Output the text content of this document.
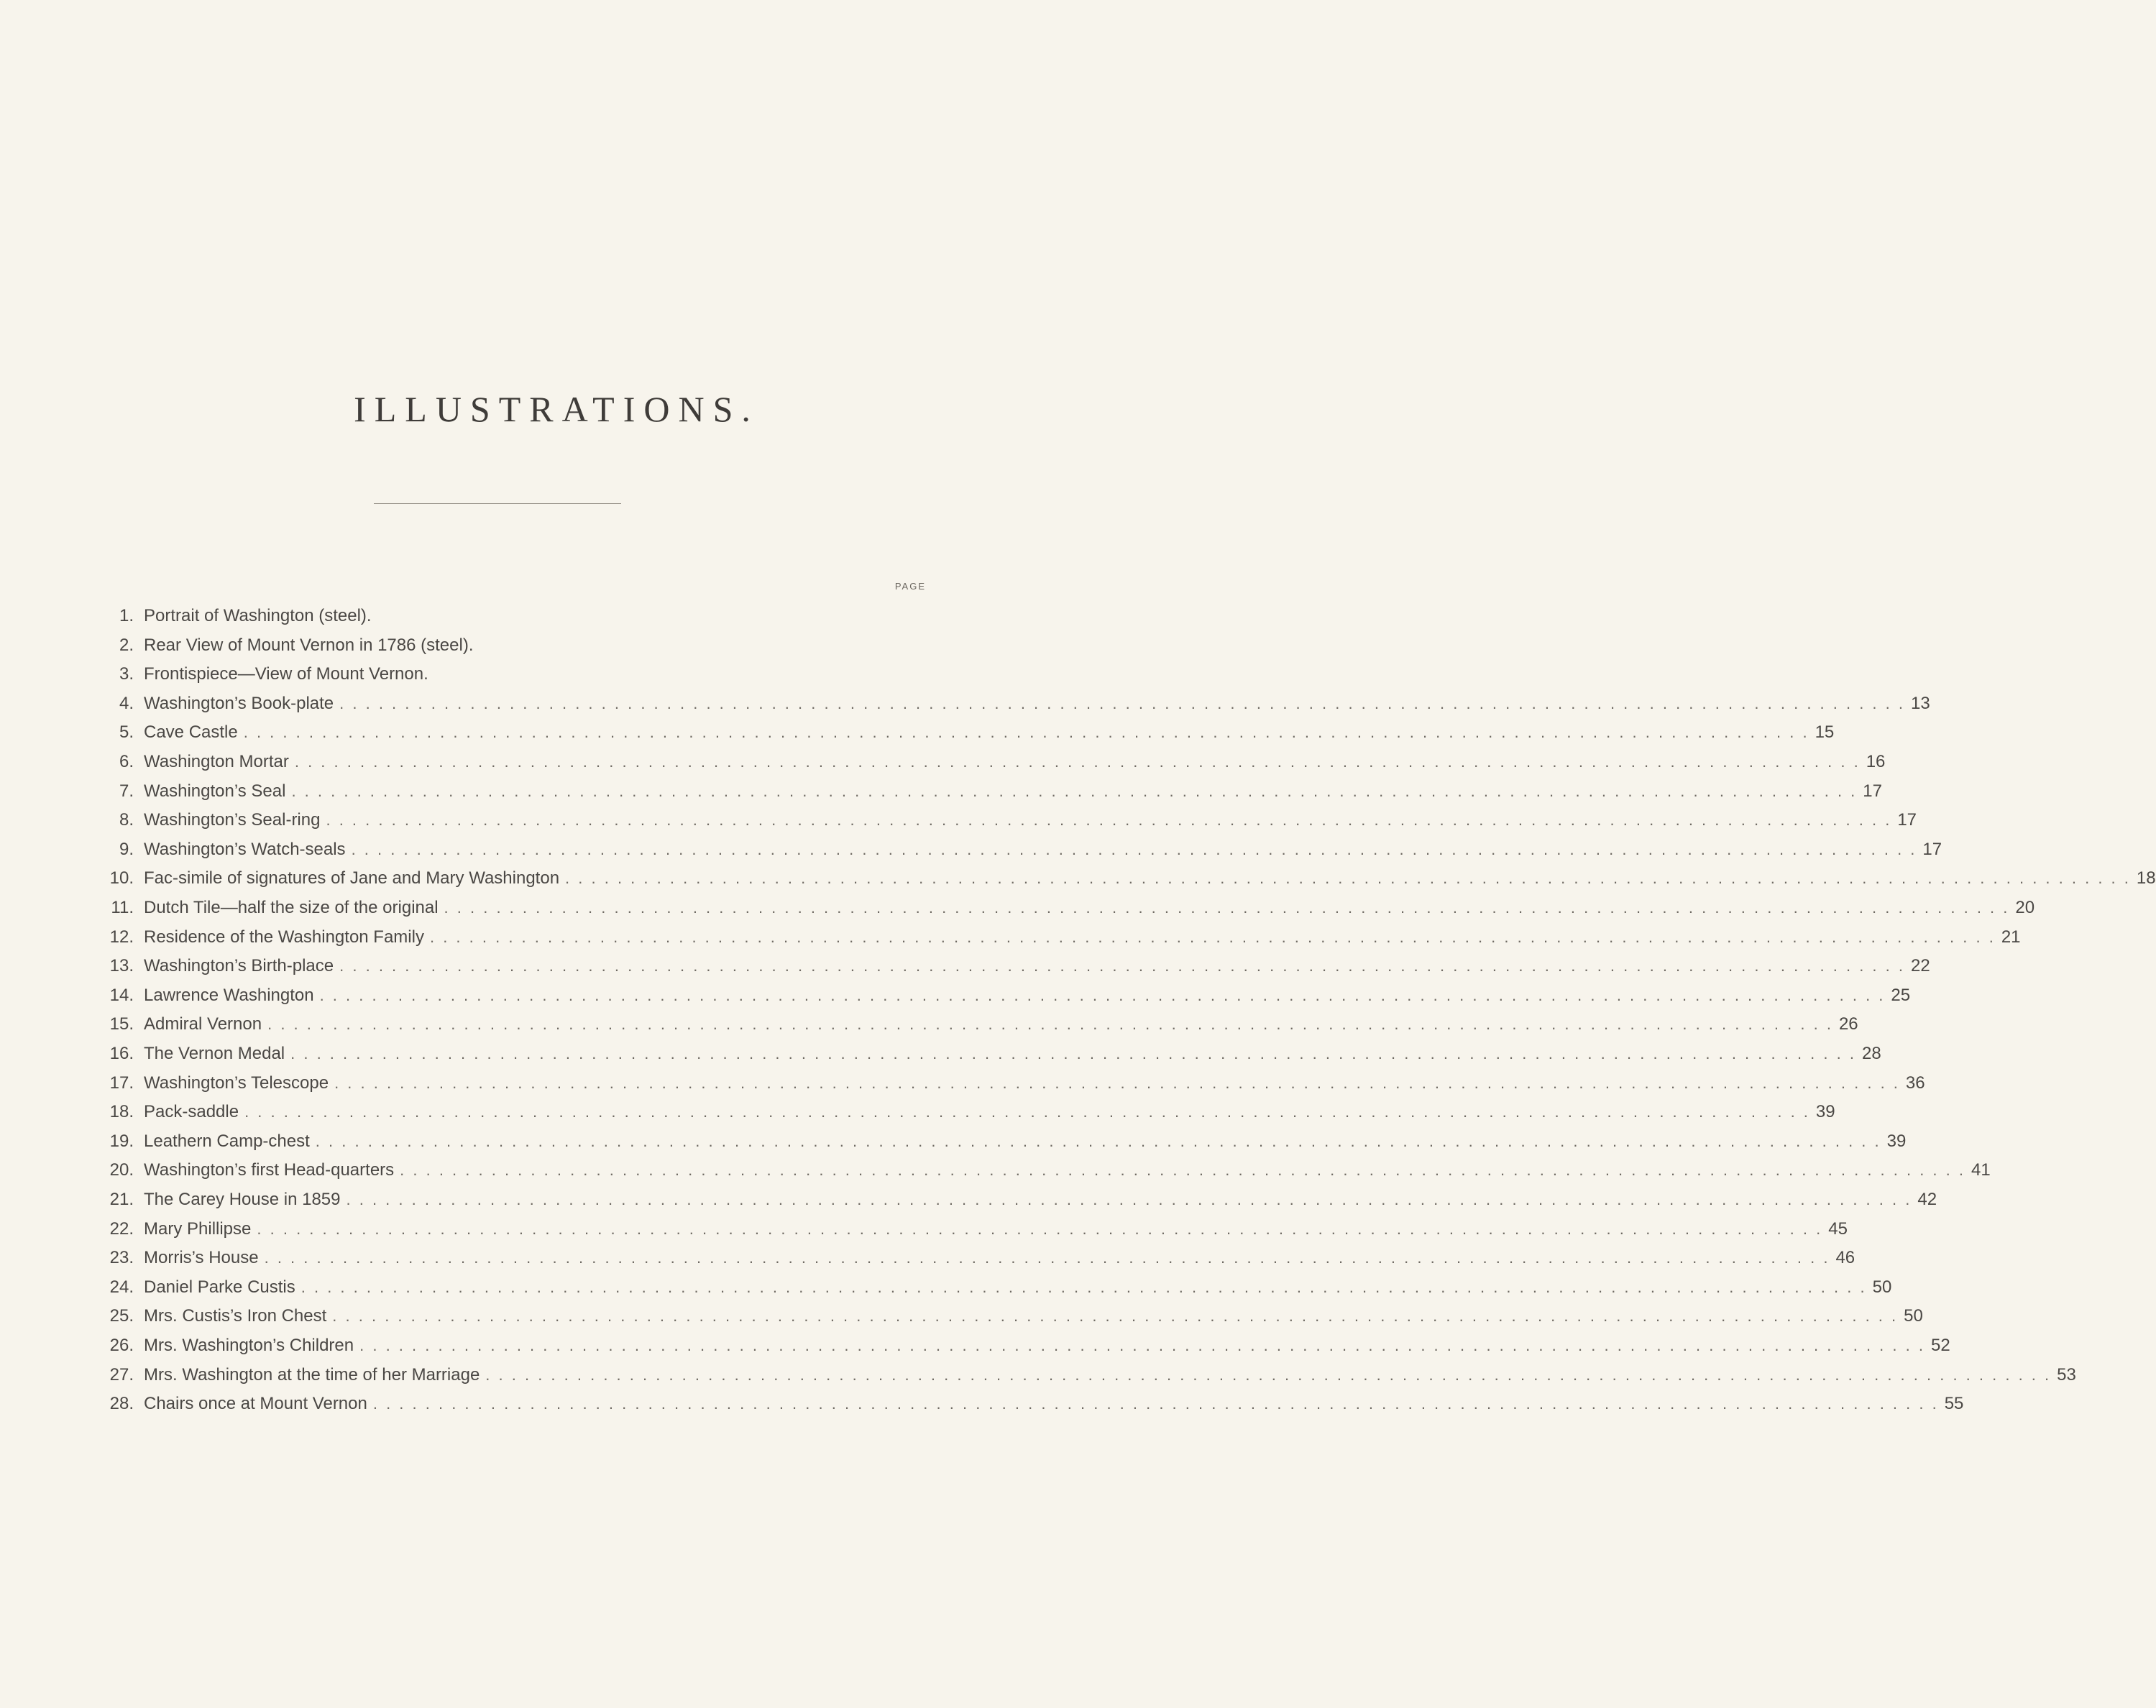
ILLUSTRATIONS.
PAGE
1. Portrait of Washington (steel).
2. Rear View of Mount Vernon in 1786 (steel).
3. Frontispiece—View of Mount Vernon.
4. Washington’s Book-plate . . . . . . . . . . . . . . . . . . . . . . . . . . . . . . . . . . . . . . . . . . . . . . . . . . . . . . . . . . . . . . . . . . . . . . . . . . . . . . . . . . . . . . . . . . . . . . . . . . . . . . . . . . . . . . . . . . . . . . . . 13
5. Cave Castle . . . . . . . . . . . . . . . . . . . . . . . . . . . . . . . . . . . . . . . . . . . . . . . . . . . . . . . . . . . . . . . . . . . . . . . . . . . . . . . . . . . . . . . . . . . . . . . . . . . . . . . . . . . . . . . . . . . . . . . . 15
6. Washington Mortar . . . . . . . . . . . . . . . . . . . . . . . . . . . . . . . . . . . . . . . . . . . . . . . . . . . . . . . . . . . . . . . . . . . . . . . . . . . . . . . . . . . . . . . . . . . . . . . . . . . . . . . . . . . . . . . . . . . . . . . . 16
7. Washington’s Seal . . . . . . . . . . . . . . . . . . . . . . . . . . . . . . . . . . . . . . . . . . . . . . . . . . . . . . . . . . . . . . . . . . . . . . . . . . . . . . . . . . . . . . . . . . . . . . . . . . . . . . . . . . . . . . . . . . . . . . . . 17
8. Washington’s Seal-ring . . . . . . . . . . . . . . . . . . . . . . . . . . . . . . . . . . . . . . . . . . . . . . . . . . . . . . . . . . . . . . . . . . . . . . . . . . . . . . . . . . . . . . . . . . . . . . . . . . . . . . . . . . . . . . . . . . . . . . . . 17
9. Washington’s Watch-seals . . . . . . . . . . . . . . . . . . . . . . . . . . . . . . . . . . . . . . . . . . . . . . . . . . . . . . . . . . . . . . . . . . . . . . . . . . . . . . . . . . . . . . . . . . . . . . . . . . . . . . . . . . . . . . . . . . . . . . . . 17
10. Fac-simile of signatures of Jane and Mary Washington . . . . . . . . . . . . . . . . . . . . . . . . . . . . . . . . . . . . . . . . . . . . . . . . . . . . . . . . . . . . . . . . . . . . . . . . . . . . . . . . . . . . . . . . . . . . . . . . . . . . . . . . . . . . . . . . . . . . . . . . 18
11. Dutch Tile—half the size of the original . . . . . . . . . . . . . . . . . . . . . . . . . . . . . . . . . . . . . . . . . . . . . . . . . . . . . . . . . . . . . . . . . . . . . . . . . . . . . . . . . . . . . . . . . . . . . . . . . . . . . . . . . . . . . . . . . . . . . . . . 20
12. Residence of the Washington Family . . . . . . . . . . . . . . . . . . . . . . . . . . . . . . . . . . . . . . . . . . . . . . . . . . . . . . . . . . . . . . . . . . . . . . . . . . . . . . . . . . . . . . . . . . . . . . . . . . . . . . . . . . . . . . . . . . . . . . . . 21
13. Washington’s Birth-place . . . . . . . . . . . . . . . . . . . . . . . . . . . . . . . . . . . . . . . . . . . . . . . . . . . . . . . . . . . . . . . . . . . . . . . . . . . . . . . . . . . . . . . . . . . . . . . . . . . . . . . . . . . . . . . . . . . . . . . . 22
14. Lawrence Washington . . . . . . . . . . . . . . . . . . . . . . . . . . . . . . . . . . . . . . . . . . . . . . . . . . . . . . . . . . . . . . . . . . . . . . . . . . . . . . . . . . . . . . . . . . . . . . . . . . . . . . . . . . . . . . . . . . . . . . . . 25
15. Admiral Vernon . . . . . . . . . . . . . . . . . . . . . . . . . . . . . . . . . . . . . . . . . . . . . . . . . . . . . . . . . . . . . . . . . . . . . . . . . . . . . . . . . . . . . . . . . . . . . . . . . . . . . . . . . . . . . . . . . . . . . . . . 26
16. The Vernon Medal . . . . . . . . . . . . . . . . . . . . . . . . . . . . . . . . . . . . . . . . . . . . . . . . . . . . . . . . . . . . . . . . . . . . . . . . . . . . . . . . . . . . . . . . . . . . . . . . . . . . . . . . . . . . . . . . . . . . . . . . 28
17. Washington’s Telescope . . . . . . . . . . . . . . . . . . . . . . . . . . . . . . . . . . . . . . . . . . . . . . . . . . . . . . . . . . . . . . . . . . . . . . . . . . . . . . . . . . . . . . . . . . . . . . . . . . . . . . . . . . . . . . . . . . . . . . . . 36
18. Pack-saddle . . . . . . . . . . . . . . . . . . . . . . . . . . . . . . . . . . . . . . . . . . . . . . . . . . . . . . . . . . . . . . . . . . . . . . . . . . . . . . . . . . . . . . . . . . . . . . . . . . . . . . . . . . . . . . . . . . . . . . . . 39
19. Leathern Camp-chest . . . . . . . . . . . . . . . . . . . . . . . . . . . . . . . . . . . . . . . . . . . . . . . . . . . . . . . . . . . . . . . . . . . . . . . . . . . . . . . . . . . . . . . . . . . . . . . . . . . . . . . . . . . . . . . . . . . . . . . . 39
20. Washington’s first Head-quarters . . . . . . . . . . . . . . . . . . . . . . . . . . . . . . . . . . . . . . . . . . . . . . . . . . . . . . . . . . . . . . . . . . . . . . . . . . . . . . . . . . . . . . . . . . . . . . . . . . . . . . . . . . . . . . . . . . . . . . . . 41
21. The Carey House in 1859 . . . . . . . . . . . . . . . . . . . . . . . . . . . . . . . . . . . . . . . . . . . . . . . . . . . . . . . . . . . . . . . . . . . . . . . . . . . . . . . . . . . . . . . . . . . . . . . . . . . . . . . . . . . . . . . . . . . . . . . . 42
22. Mary Phillipse . . . . . . . . . . . . . . . . . . . . . . . . . . . . . . . . . . . . . . . . . . . . . . . . . . . . . . . . . . . . . . . . . . . . . . . . . . . . . . . . . . . . . . . . . . . . . . . . . . . . . . . . . . . . . . . . . . . . . . . . 45
23. Morris’s House . . . . . . . . . . . . . . . . . . . . . . . . . . . . . . . . . . . . . . . . . . . . . . . . . . . . . . . . . . . . . . . . . . . . . . . . . . . . . . . . . . . . . . . . . . . . . . . . . . . . . . . . . . . . . . . . . . . . . . . . 46
24. Daniel Parke Custis . . . . . . . . . . . . . . . . . . . . . . . . . . . . . . . . . . . . . . . . . . . . . . . . . . . . . . . . . . . . . . . . . . . . . . . . . . . . . . . . . . . . . . . . . . . . . . . . . . . . . . . . . . . . . . . . . . . . . . . . 50
25. Mrs. Custis’s Iron Chest . . . . . . . . . . . . . . . . . . . . . . . . . . . . . . . . . . . . . . . . . . . . . . . . . . . . . . . . . . . . . . . . . . . . . . . . . . . . . . . . . . . . . . . . . . . . . . . . . . . . . . . . . . . . . . . . . . . . . . . . 50
26. Mrs. Washington’s Children . . . . . . . . . . . . . . . . . . . . . . . . . . . . . . . . . . . . . . . . . . . . . . . . . . . . . . . . . . . . . . . . . . . . . . . . . . . . . . . . . . . . . . . . . . . . . . . . . . . . . . . . . . . . . . . . . . . . . . . . 52
27. Mrs. Washington at the time of her Marriage . . . . . . . . . . . . . . . . . . . . . . . . . . . . . . . . . . . . . . . . . . . . . . . . . . . . . . . . . . . . . . . . . . . . . . . . . . . . . . . . . . . . . . . . . . . . . . . . . . . . . . . . . . . . . . . . . . . . . . . . 53
28. Chairs once at Mount Vernon . . . . . . . . . . . . . . . . . . . . . . . . . . . . . . . . . . . . . . . . . . . . . . . . . . . . . . . . . . . . . . . . . . . . . . . . . . . . . . . . . . . . . . . . . . . . . . . . . . . . . . . . . . . . . . . . . . . . . . . . 55
